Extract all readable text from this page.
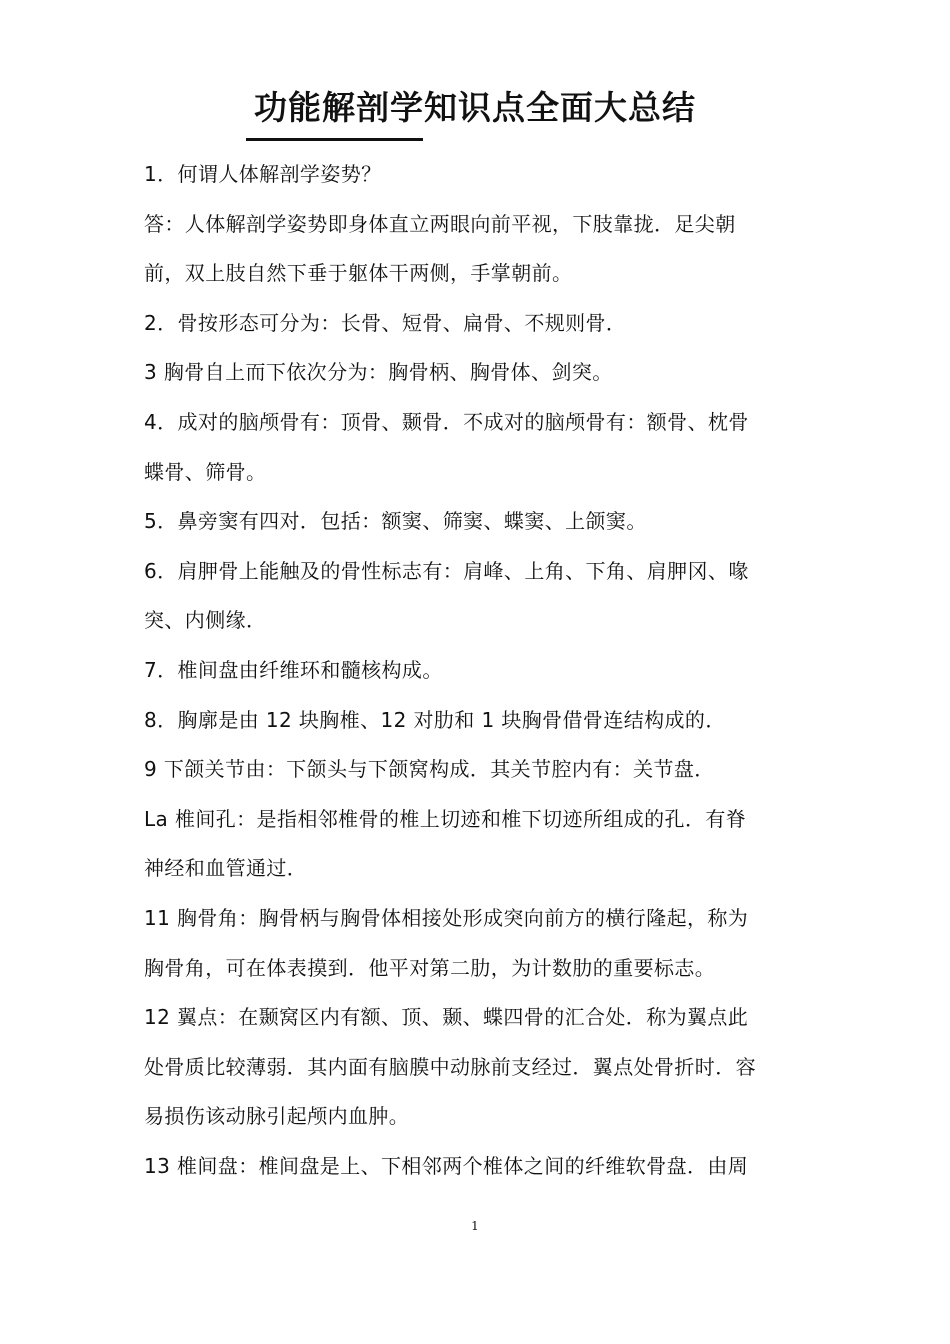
功能解剖学知识点全面大总结

1．何谓人体解剖学姿势？

答：人体解剖学姿势即身体直立两眼向前平视，下肢靠拢．足尖朝

前，双上肢自然下垂于躯体干两侧，手掌朝前。

2．骨按形态可分为：长骨、短骨、扁骨、不规则骨．

3 胸骨自上而下依次分为：胸骨柄、胸骨体、剑突。

4．成对的脑颅骨有：顶骨、颞骨．不成对的脑颅骨有：额骨、枕骨

蝶骨、筛骨。

5．鼻旁窦有四对．包括：额窦、筛窦、蝶窦、上颌窦。

6．肩胛骨上能触及的骨性标志有：肩峰、上角、下角、肩胛冈、喙

突、内侧缘．

7．椎间盘由纤维环和髓核构成。

8．胸廓是由 12 块胸椎、12 对肋和 1 块胸骨借骨连结构成的．

9 下颌关节由：下颌头与下颌窝构成．其关节腔内有：关节盘．

La 椎间孔：是指相邻椎骨的椎上切迹和椎下切迹所组成的孔．有脊

神经和血管通过．

11 胸骨角：胸骨柄与胸骨体相接处形成突向前方的横行隆起，称为

胸骨角，可在体表摸到．他平对第二肋，为计数肋的重要标志。

12 翼点：在颞窝区内有额、顶、颞、蝶四骨的汇合处．称为翼点此

处骨质比较薄弱．其内面有脑膜中动脉前支经过．翼点处骨折时．容

易损伤该动脉引起颅内血肿。

13 椎间盘：椎间盘是上、下相邻两个椎体之间的纤维软骨盘．由周

1
